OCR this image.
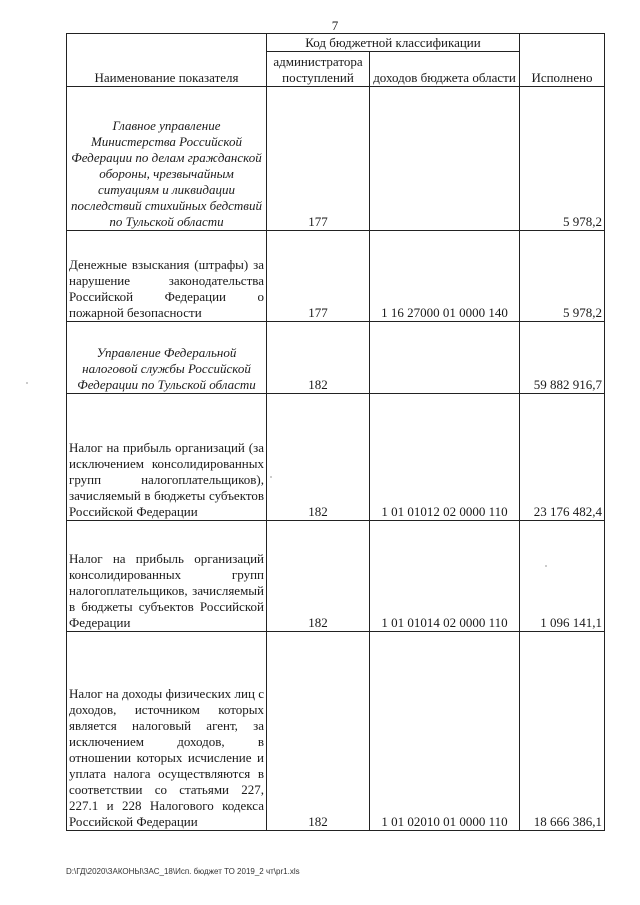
7
Наименование показателя	Код бюджетной классификации		Исполнено
	администратора поступлений	доходов бюджета области	
Главное управление Министерства Российской Федерации по делам гражданской обороны, чрезвычайным ситуациям и ликвидации последствий стихийных бедствий по Тульской области	177		5 978,2
Денежные взыскания (штрафы) за нарушение законодательства Российской Федерации о пожарной безопасности	177	1 16 27000 01 0000 140	5 978,2
Управление Федеральной налоговой службы Российской Федерации по Тульской области	182		59 882 916,7
Налог на прибыль организаций (за исключением консолидированных групп налогоплательщиков), зачисляемый в бюджеты субъектов Российской Федерации	182	1 01 01012 02 0000 110	23 176 482,4
Налог на прибыль организаций консолидированных групп налогоплательщиков, зачисляемый в бюджеты субъектов Российской Федерации	182	1 01 01014 02 0000 110	1 096 141,1
Налог на доходы физических лиц с доходов, источником которых является налоговый агент, за исключением доходов, в отношении которых исчисление и уплата налога осуществляются в соответствии со статьями 227, 227.1 и 228 Налогового кодекса Российской Федерации	182	1 01 02010 01 0000 110	18 666 386,1
D:\ГД\2020\ЗАКОНЫ\ЗАС_18\Исп. бюджет ТО 2019_2 чт\pr1.xls
